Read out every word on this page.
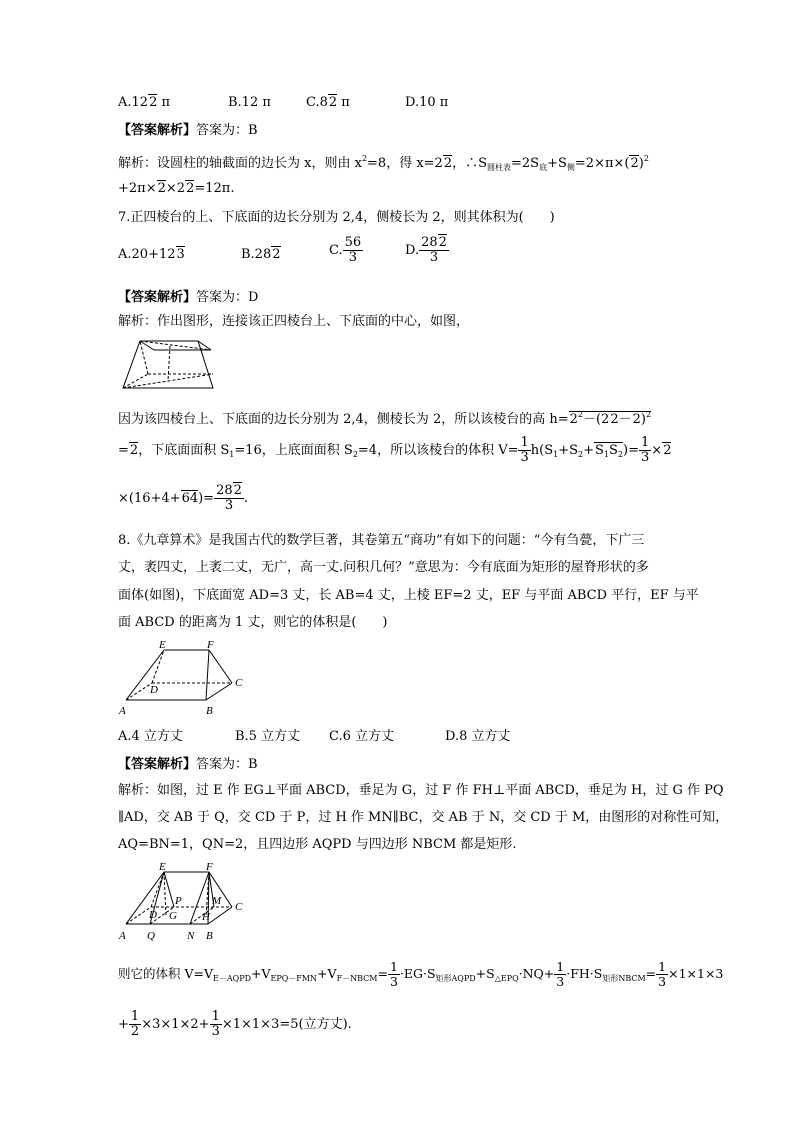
A.122 π	B.12 π	C.82 π	D.10 π
【答案解析】答案为：B
解析：设圆柱的轴截面的边长为 x，则由 $x^2=8$，得 x=22，$\therefore S_{圆柱表}=2S_底+S_侧=2\times\pi\times(2)^2$
+2π×2×22=12π.
7.正四棱台的上、下底面的边长分别为 2,4，侧棱长为 2，则其体积为(　　)
A.20+123	B.282	C. $\frac{56}{3}$	D. $\frac{282}{3}$
【答案解析】答案为：D
解析：作出图形，连接该正四棱台上、下底面的中心，如图，
因为该四棱台上、下底面的边长分别为 2,4，侧棱长为 2，所以该棱台的高 $h=2^2-(22-2)^2$
=2，下底面面积 $S_1=16$，上底面面积 $S_2=4$，所以该棱台的体积 $V= \frac{1}{3} h(S_1+S_2+S_1S_2)= \frac{1}{3} \times 2$
$\times(16+4+64)= \frac{282}{3}$ .
8.《九章算术》是我国古代的数学巨著，其卷第五“商功”有如下的问题：“今有刍甍，下广三
丈，袤四丈，上袤二丈，无广，高一丈.问积几何？”意思为：今有底面为矩形的屋脊形状的多
面体(如图)，下底面宽 AD=3 丈，长 AB=4 丈，上棱 EF=2 丈，EF 与平面 ABCD 平行，EF 与平
面 ABCD 的距离为 1 丈，则它的体积是(　　)
E	F
D
C
A	B
A.4 立方丈	B.5 立方丈 C.6 立方丈	D.8 立方丈
【答案解析】答案为：B
解析：如图，过 E 作 EG⊥平面 ABCD，垂足为 G，过 F 作 FH⊥平面 ABCD，垂足为 H，过 G 作 PQ
∥AD，交 AB 于 Q，交 CD 于 P，过 H 作 MN∥BC，交 AB 于 N，交 CD 于 M，由图形的对称性可知，
AQ=BN=1，QN=2，且四边形 AQPD 与四边形 NBCM 都是矩形.
E	F
P	M
D G H
C
A Q	N B
则它的体积 $V=V_{E-AQPD}+V_{EPQ-FMN}+V_{F-NBCM}= \frac{1}{3} \cdot EG\cdot S_{矩形AQPD}+S_{\triangle EPQ}\cdot NQ+ \frac{1}{3} \cdot FH\cdot S_{矩形NBCM}= \frac{1}{3} \times 1\times 1\times 3$
+ $\frac{1}{2} \times 3\times 1\times 2+ \frac{1}{3} \times 1\times 1\times 3=5$(立方丈).
